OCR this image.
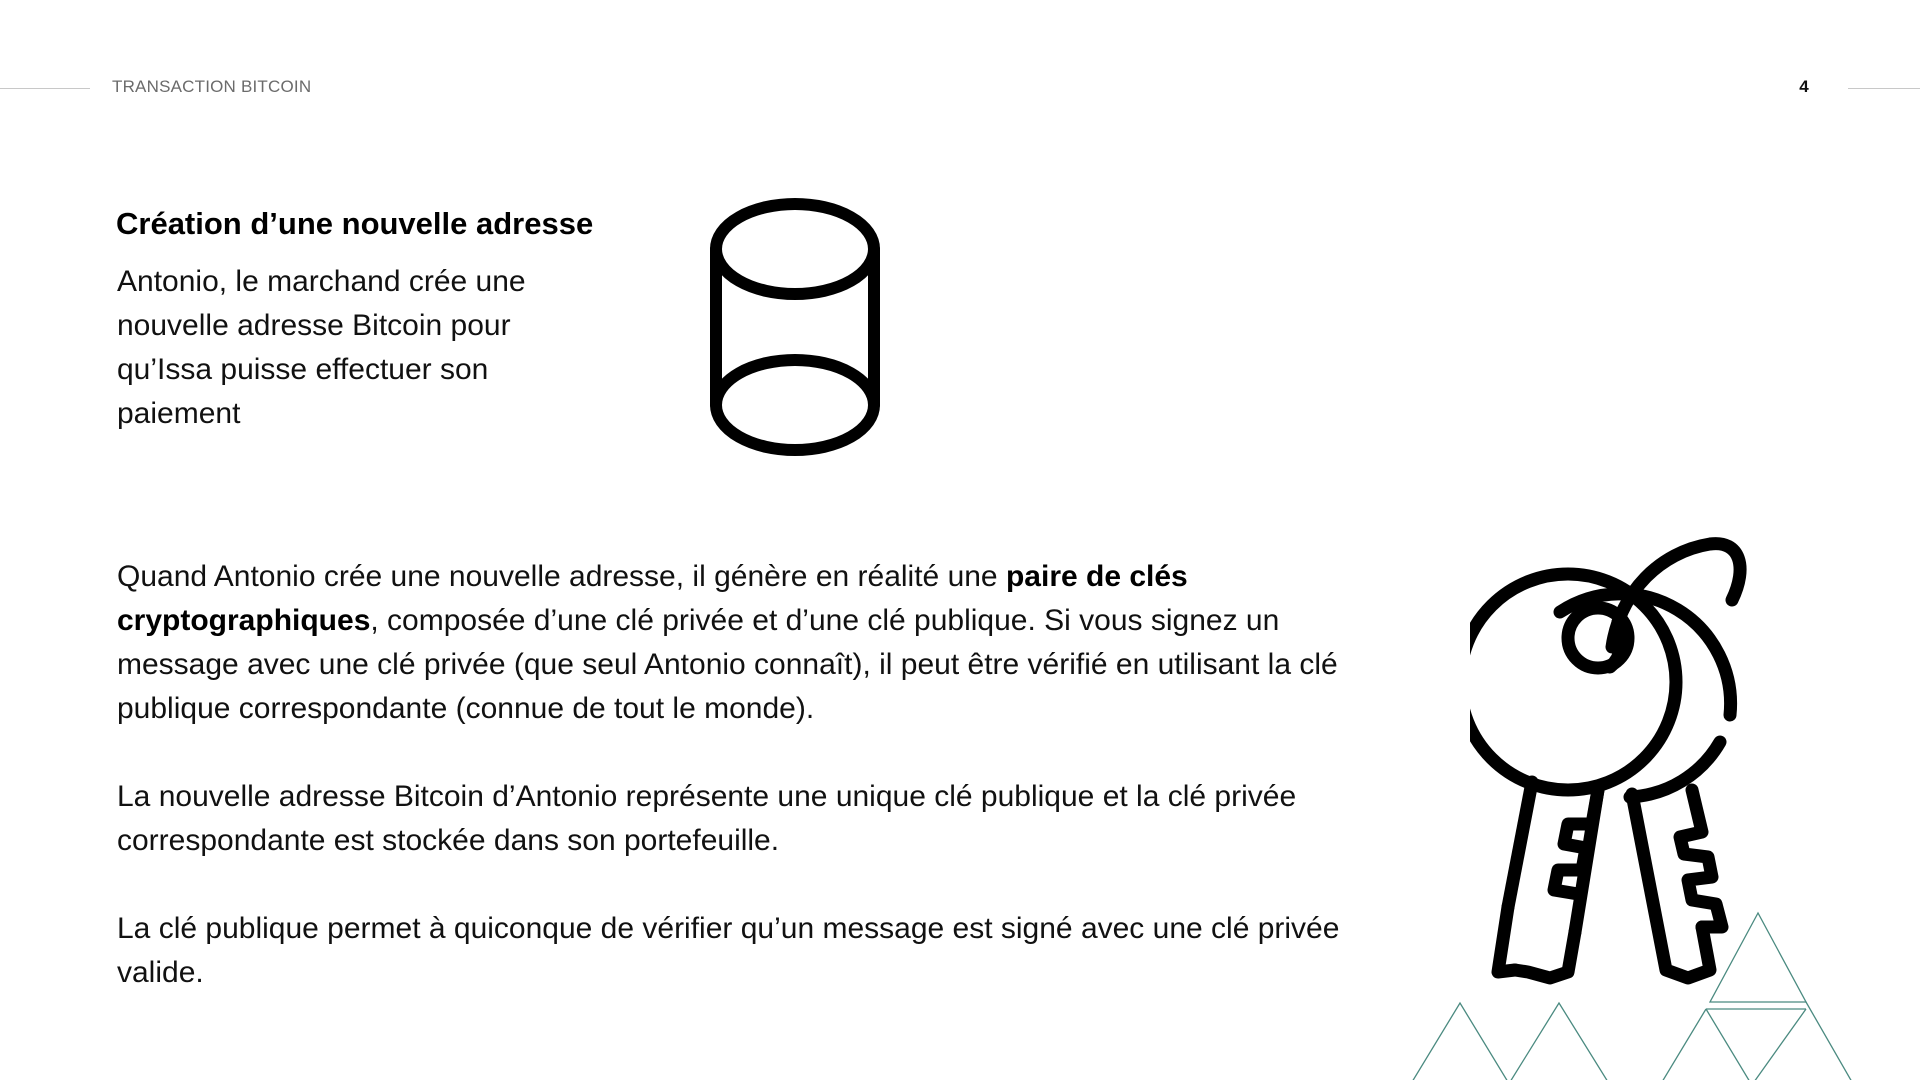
TRANSACTION BITCOIN	4
Création d’une nouvelle adresse

Antonio, le marchand crée une nouvelle adresse Bitcoin pour qu’Issa puisse effectuer son paiement

Quand Antonio crée une nouvelle adresse, il génère en réalité une paire de clés cryptographiques, composée d’une clé privée et d’une clé publique. Si vous signez un message avec une clé privée (que seul Antonio connaît), il peut être vérifié en utilisant la clé publique correspondante (connue de tout le monde).

La nouvelle adresse Bitcoin d’Antonio représente une unique clé publique et la clé privée correspondante est stockée dans son portefeuille.

La clé publique permet à quiconque de vérifier qu’un message est signé avec une clé privée valide.
